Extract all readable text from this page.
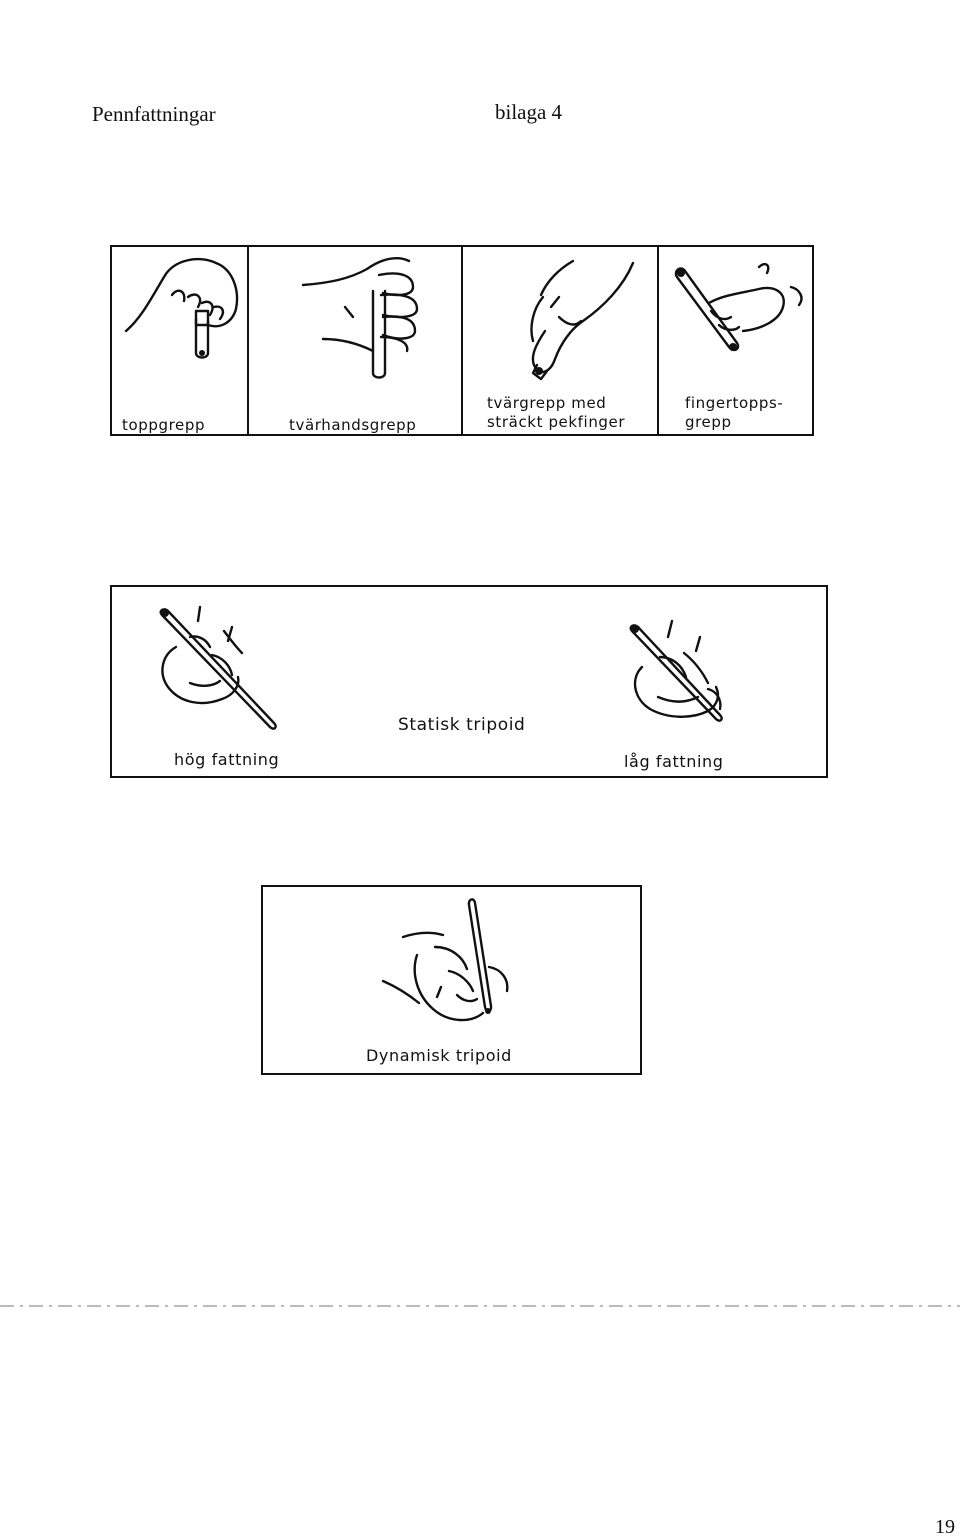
Pennfattningar	bilaga 4
toppgrepp	tvärhandsgrepp
tvärgrepp med
sträckt pekfinger
fingertopps-
grepp
Statisk tripoid
hög fattning	låg fattning
Dynamisk tripoid
19
